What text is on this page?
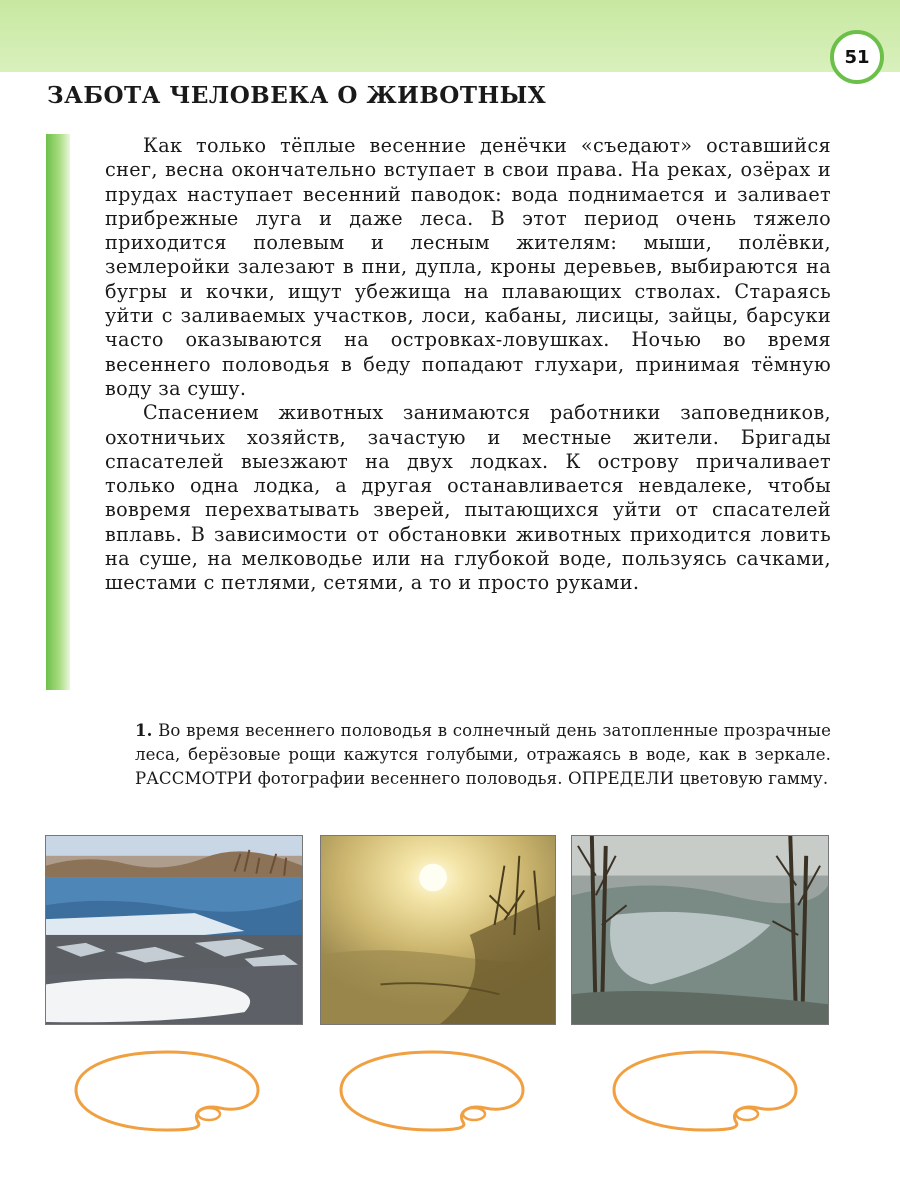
51
ЗАБОТА ЧЕЛОВЕКА О ЖИВОТНЫХ

Как только тёплые весенние денёчки «съедают» оставшийся снег, весна окончательно вступает в свои права. На реках, озёрах и прудах наступает весенний паводок: вода поднимается и заливает прибрежные луга и даже леса. В этот период очень тяжело приходится полевым и лесным жителям: мыши, полёвки, землеройки залезают в пни, дупла, кроны деревьев, выбираются на бугры и кочки, ищут убежища на плавающих стволах. Стараясь уйти с заливаемых участков, лоси, кабаны, лисицы, зайцы, барсуки часто оказываются на островках-ловушках. Ночью во время весеннего половодья в беду попадают глухари, принимая тёмную воду за сушу.

Спасением животных занимаются работники заповедников, охотничьих хозяйств, зачастую и местные жители. Бригады спасателей выезжают на двух лодках. К острову причаливает только одна лодка, а другая останавливается невдалеке, чтобы вовремя перехватывать зверей, пытающихся уйти от спасателей вплавь. В зависимости от обстановки животных приходится ловить на суше, на мелководье или на глубокой воде, пользуясь сачками, шестами с петлями, сетями, а то и просто руками.

1. Во время весеннего половодья в солнечный день затопленные прозрачные леса, берёзовые рощи кажутся голубыми, отражаясь в воде, как в зеркале. РАССМОТРИ фотографии весеннего половодья. ОПРЕДЕЛИ цветовую гамму.
